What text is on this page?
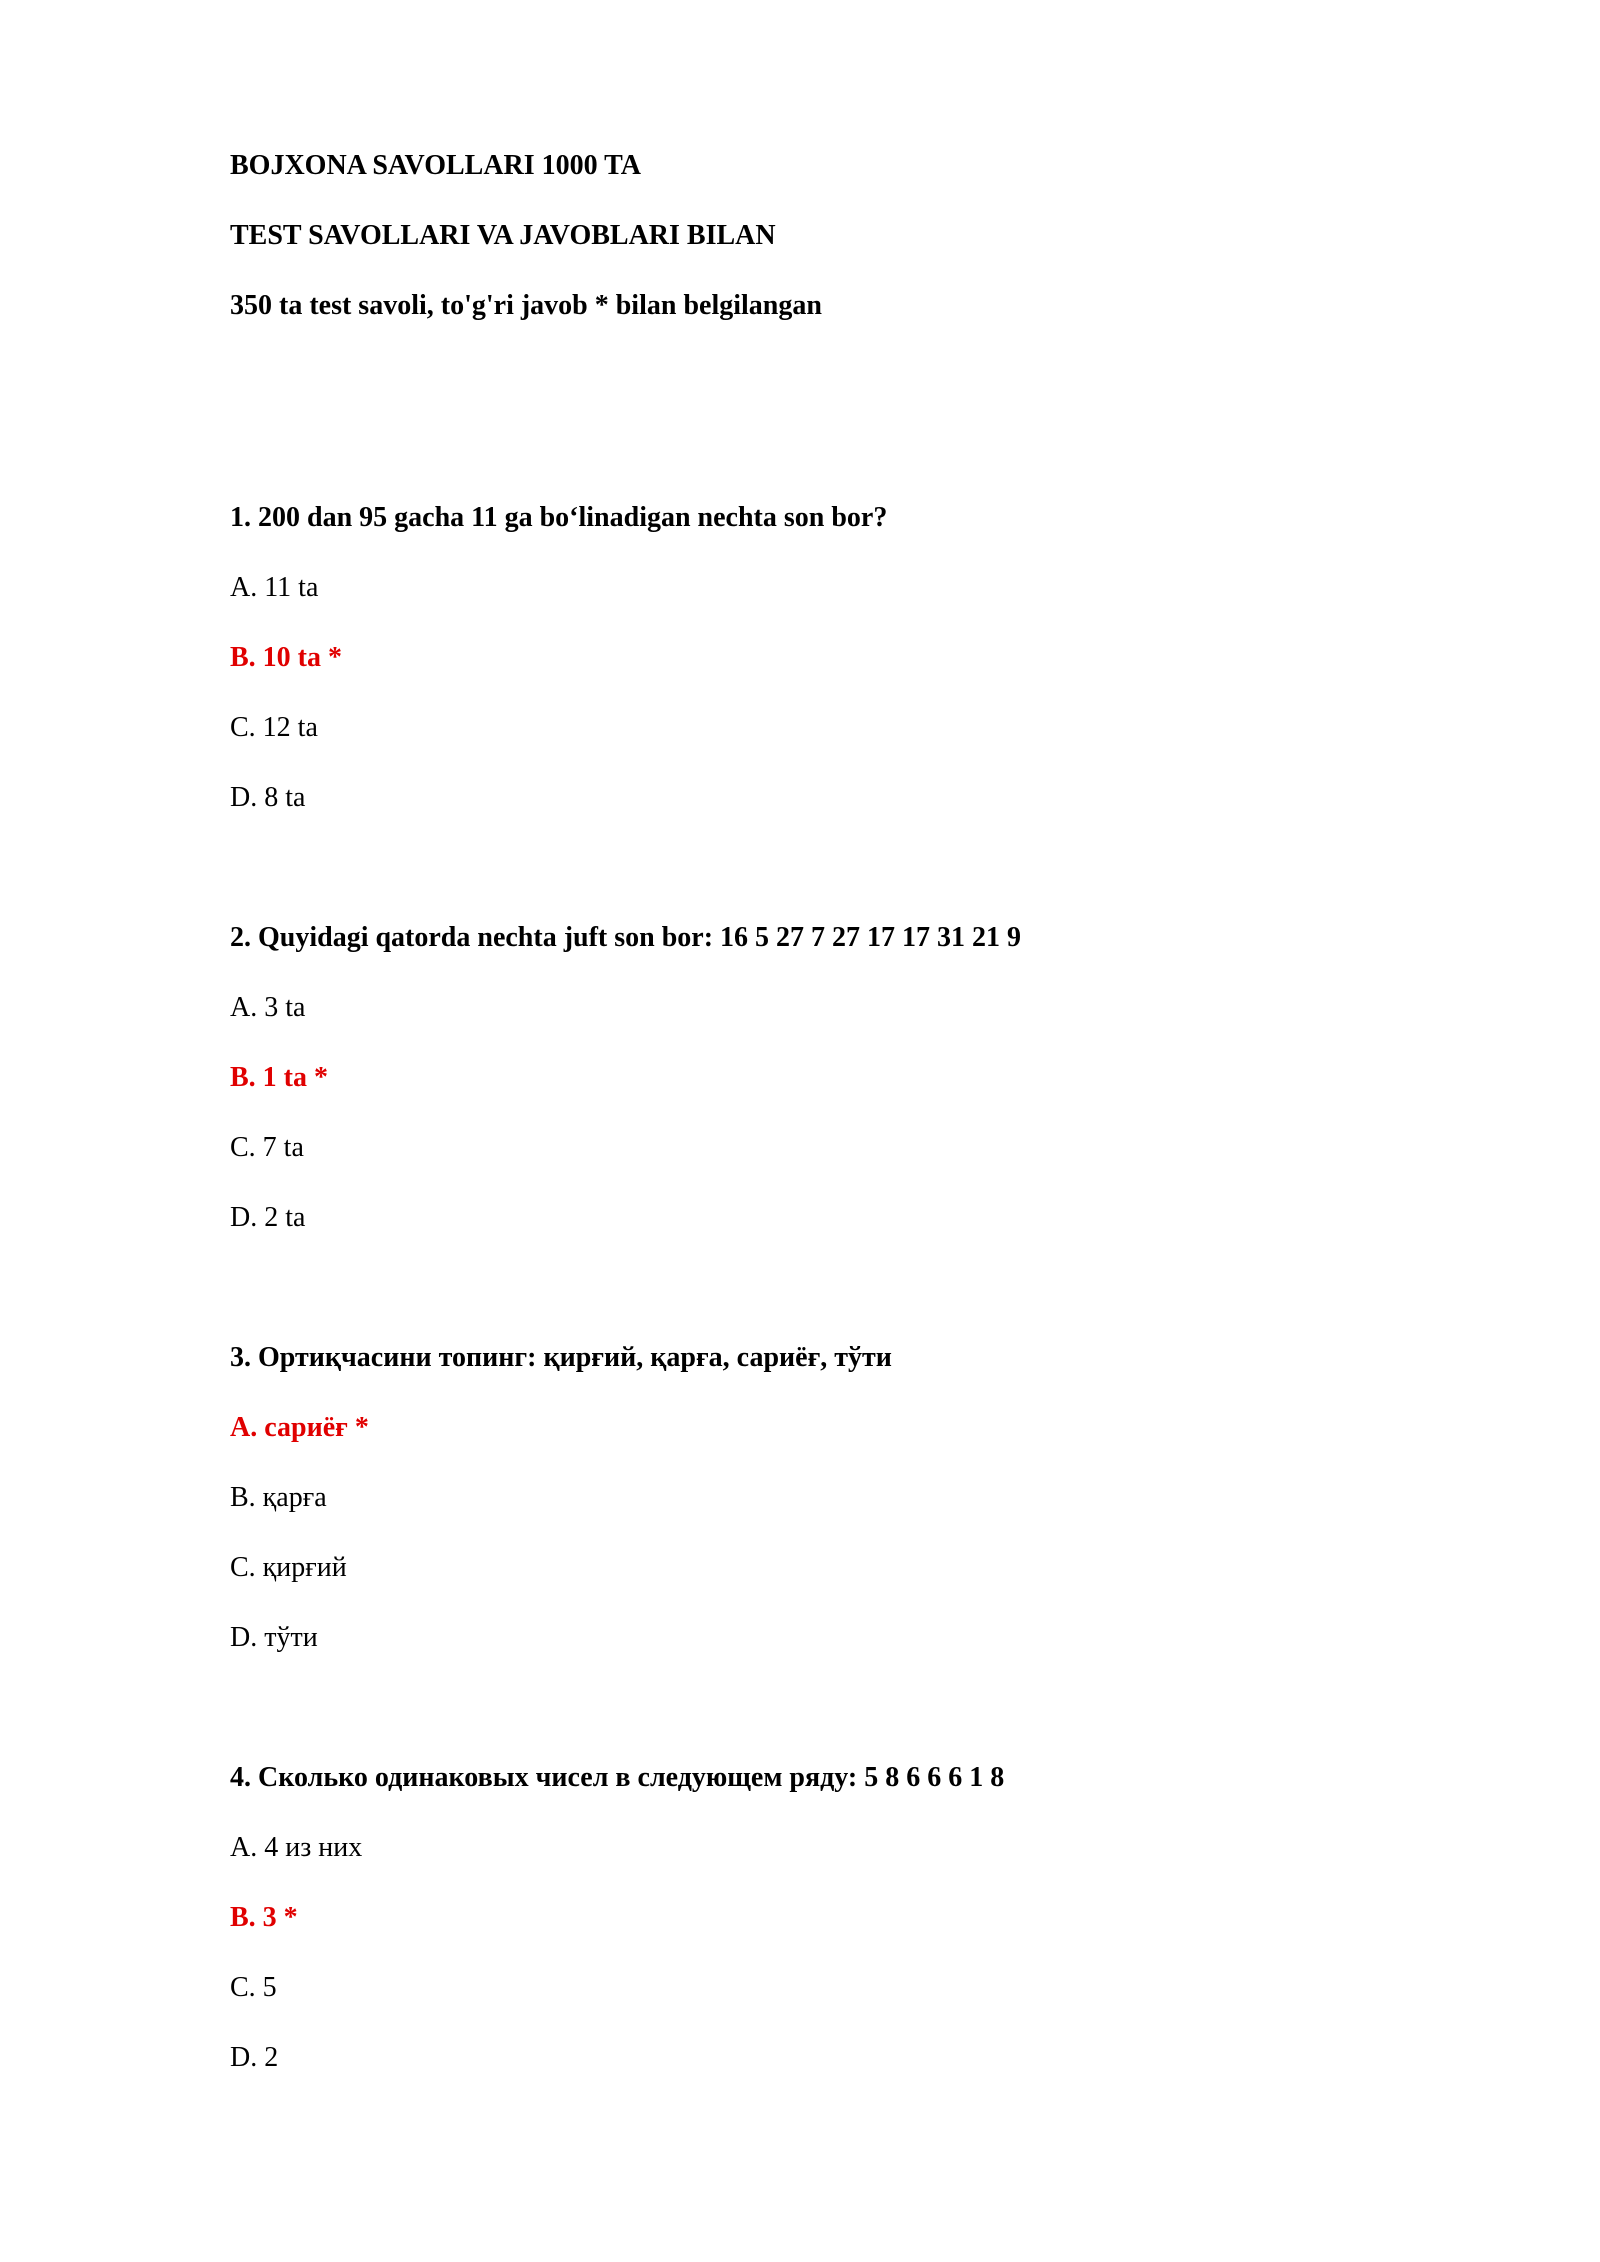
BOJXONA SAVOLLARI 1000 TA
TEST SAVOLLARI VA JAVOBLARI BILAN
350 ta test savoli, to'g'ri javob * bilan belgilangan
1. 200 dan 95 gacha 11 ga bo‘linadigan nechta son bor?
A. 11 ta
B. 10 ta *
C. 12 ta
D. 8 ta
2. Quyidagi qatorda nechta juft son bor: 16 5 27 7 27 17 17 31 21 9
A. 3 ta
B. 1 ta *
C. 7 ta
D. 2 ta
3. Ортиқчасини топинг: қирғий, қарға, сариёғ, тўти
A. сариёғ *
B. қарға
C. қирғий
D. тўти
4. Сколько одинаковых чисел в следующем ряду: 5 8 6 6 6 1 8
A. 4 из них
B. 3 *
C. 5
D. 2
